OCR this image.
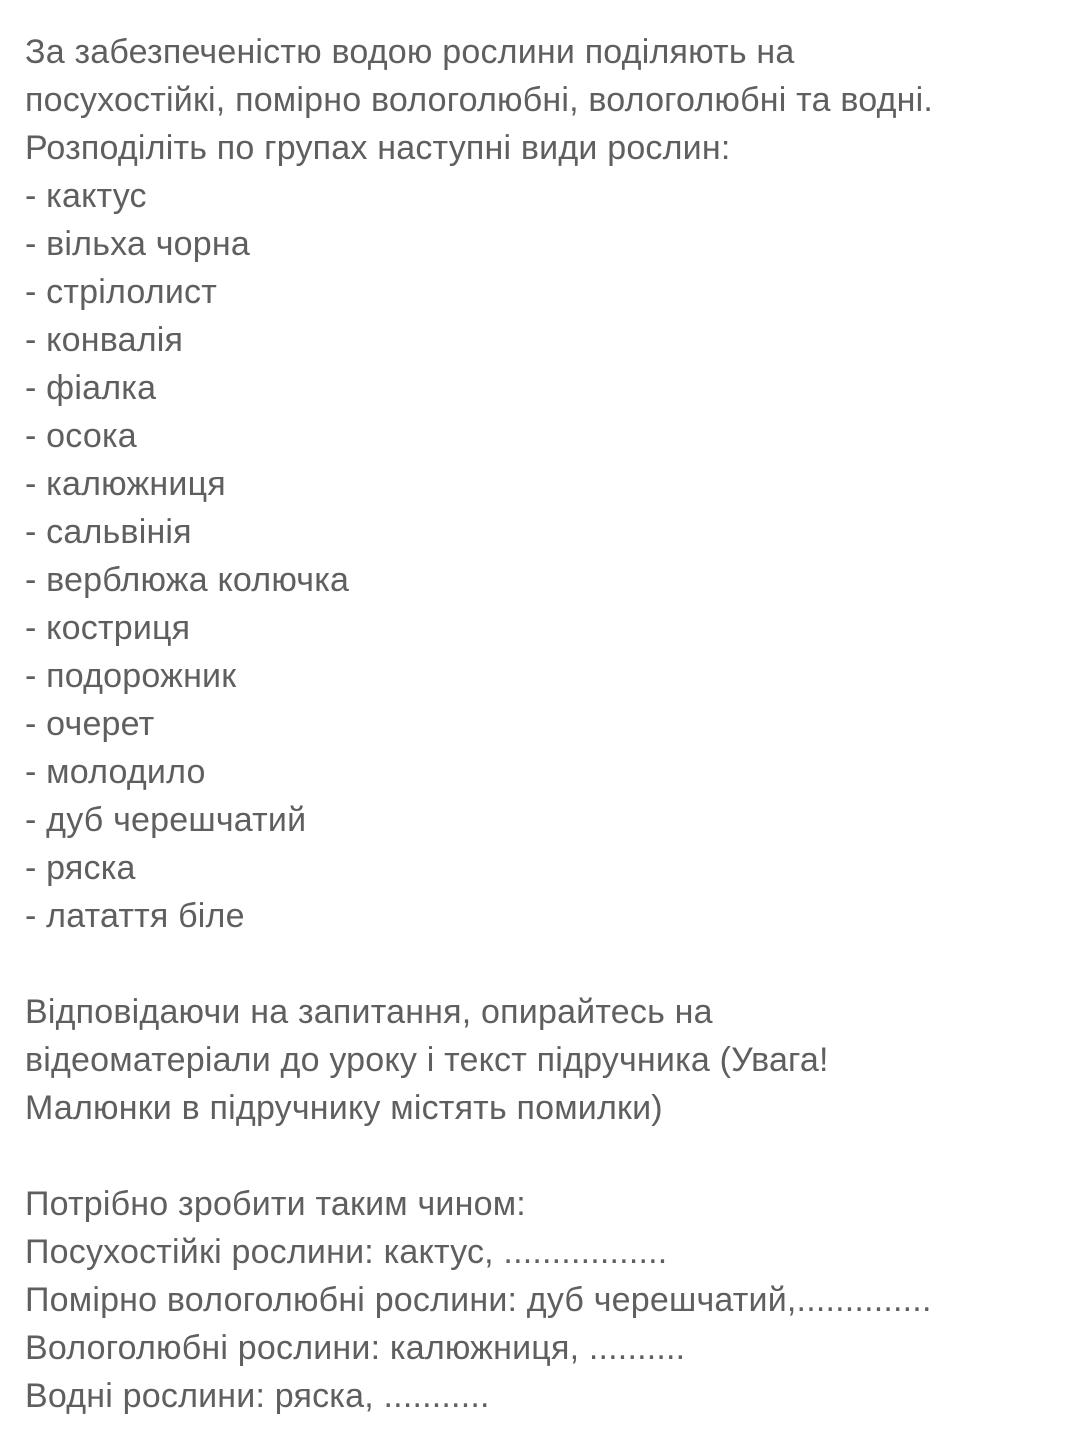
За забезпеченістю водою рослини поділяють на
посухостійкі, помірно вологолюбні, вологолюбні та водні.
Розподіліть по групах наступні види рослин:
- кактус
- вільха чорна
- стрілолист
- конвалія
- фіалка
- осока
- калюжниця
- сальвінія
- верблюжа колючка
- костриця
- подорожник
- очерет
- молодило
- дуб черешчатий
- ряска
- латаття біле
Відповідаючи на запитання, опирайтесь на
відеоматеріали до уроку і текст підручника (Увага!
Малюнки в підручнику містять помилки)
Потрібно зробити таким чином:
Посухостійкі рослини: кактус, .................
Помірно вологолюбні рослини: дуб черешчатий,..............
Вологолюбні рослини: калюжниця, ..........
Водні рослини: ряска, ...........
